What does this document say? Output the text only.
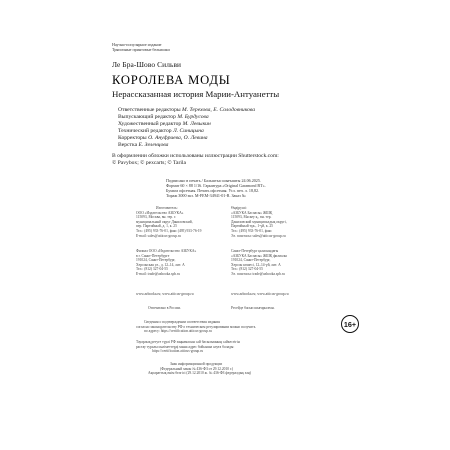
Научно-популярное издание
Тряпичные принтовые бельишки
Ле Бра-Шово Сильви
КОРОЛЕВА МОДЫ
Нерассказанная история Марии-Антуанетты
Ответственные редакторы М. Терехова, Е. Солодовникова
Выпускающий редактор М. Бурдусова
Художественный редактор М. Левыкин
Технический редактор Л. Синицына
Корректоры О. Ануфриева, О. Левина
Верстка Е. Зеленцова
В оформлении обложки использованы иллюстрации Shutterstock.com:
© Pavybox; © pexcarts; © Tarila
Подписано в печать / Бальштыс шығышты 24.06.2025.
Формат 60 × 88 1/16. Гарнитура «Original Garamond BT».
Бумага офсетная. Печать офсетная. Усл. печ. л. 18,82.
Тираж 3000 экз. М-FEM-34941-01-R. Заказ №
Изготовитель:
ООО «Издательство АЗБУКА»
115093, Москва, вн. тер. г.
муниципальный округ Даниловский,
пер. Партийный, д. 1, к. 25
Тел.: (495) 933-76-01, факс (495) 933-76-19
E-mail: sales@atticus-group.ru
Өндіруші:
«АЗБУКА Баспасы» ЖШҚ
115093, Мәскеу қ., вн. тер.
Даниловский муниципалдық округі,
Партийный тұк., 1-үй, к. 25
Тел.: (495) 933-76-01, факс
Эл. поштасы: sales@atticus-group.ru
Филиал ООО «Издательство АЗБУКА»
в г. Санкт-Петербурге
191024, Санкт-Петербург,
Херсонская ул., д. 12–14, лит. А
Тел.: (812) 327-04-55
E-mail: trade@azbooka.spb.ru
Санкт-Петербург қаласындағы
«АЗБУКА Баспасы» ЖШҚ филиалы
191024, Санкт-Петербург,
Херсон көшесі, 12–14-үй, лит. А
Тел.: (812) 327-04-55
Эл. поштасы: trade@azbooka.spb.ru
www.azbooka.ru; www.atticus-group.ru	www.azbooka.ru; www.atticus-group.ru
Отпечатано в России.	Ресейде басып шығарылған.
Сведения о подтверждении соответствия издания
согласно законодательству РФ о техническом регулировании можно получить
по адресу: https://certification.atticus-group.ru
Тауарлық ретуге түрлі РФ заңнамасын сәй басылымның сәйкестігін
растау туралы мәліметтерді мына адрес бойынша алуға болады:
https://certification.atticus-group.ru
Знак информационной продукции
(Федеральный закон № 436-ФЗ от 29.12.2010 г.)
Ақпараттық өнім белгісі (29.12.2010 ж. № 436-ФЗ федералдық заң)
16+
